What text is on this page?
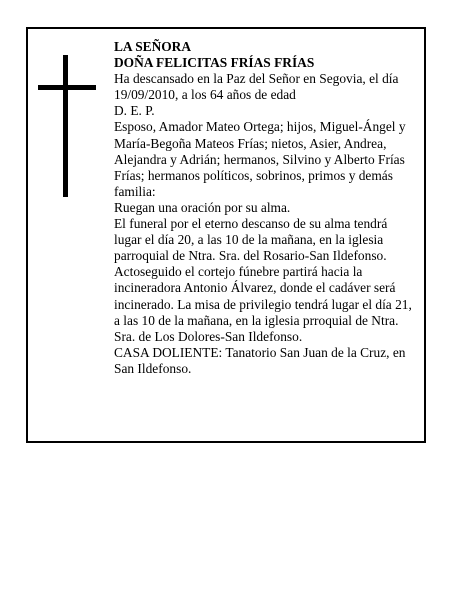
LA SEÑORA

DOÑA FELICITAS FRÍAS FRÍAS

Ha descansado en la Paz del Señor en Segovia, el día 19/09/2010, a los 64 años de edad

D. E. P.

Esposo, Amador Mateo Ortega; hijos, Miguel-Ángel y María-Begoña Mateos Frías; nietos, Asier, Andrea, Alejandra y Adrián; hermanos, Silvino y Alberto Frías Frías; hermanos políticos, sobrinos, primos y demás familia:

Ruegan una oración por su alma.

El funeral por el eterno descanso de su alma tendrá lugar el día 20, a las 10 de la mañana, en la iglesia parroquial de Ntra. Sra. del Rosario-San Ildefonso.

Actoseguido el cortejo fúnebre partirá hacia la incineradora Antonio Álvarez, donde el cadáver será incinerado. La misa de privilegio tendrá lugar el día 21, a las 10 de la mañana, en la iglesia prroquial de Ntra. Sra. de Los Dolores-San Ildefonso.

CASA DOLIENTE: Tanatorio San Juan de la Cruz, en San Ildefonso.
